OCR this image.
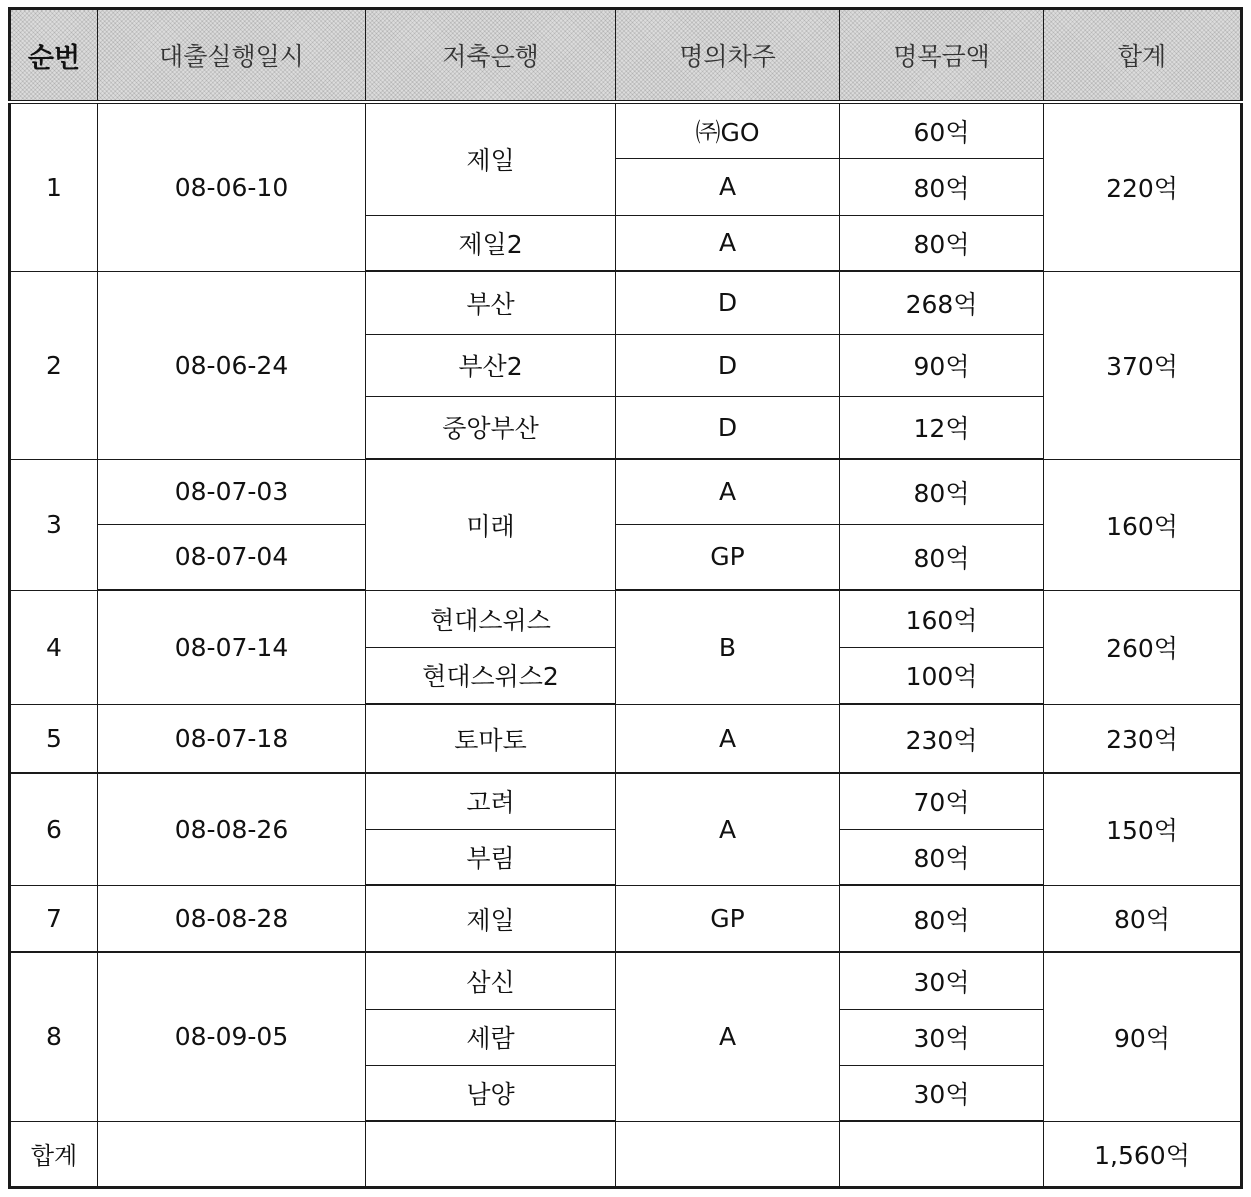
순번	대출실행일시	저축은행	명의차주	명목금액	합계
1	08-06-10	제일	㈜GO	60억	220억
			A	80억	
		제일2	A	80억	
2	08-06-24	부산	D	268억	370억
		부산2	D	90억	
		중앙부산	D	12억	
3	08-07-03	미래	A	80억	160억
	08-07-04		GP	80억	
4	08-07-14	현대스위스	B	160억	260억
		현대스위스2		100억	
5	08-07-18	토마토	A	230억	230억
6	08-08-26	고려	A	70억	150억
		부림		80억	
7	08-08-28	제일	GP	80억	80억
8	08-09-05	삼신	A	30억	90억
		세람		30억	
		남양		30억	
합계					1,560억
